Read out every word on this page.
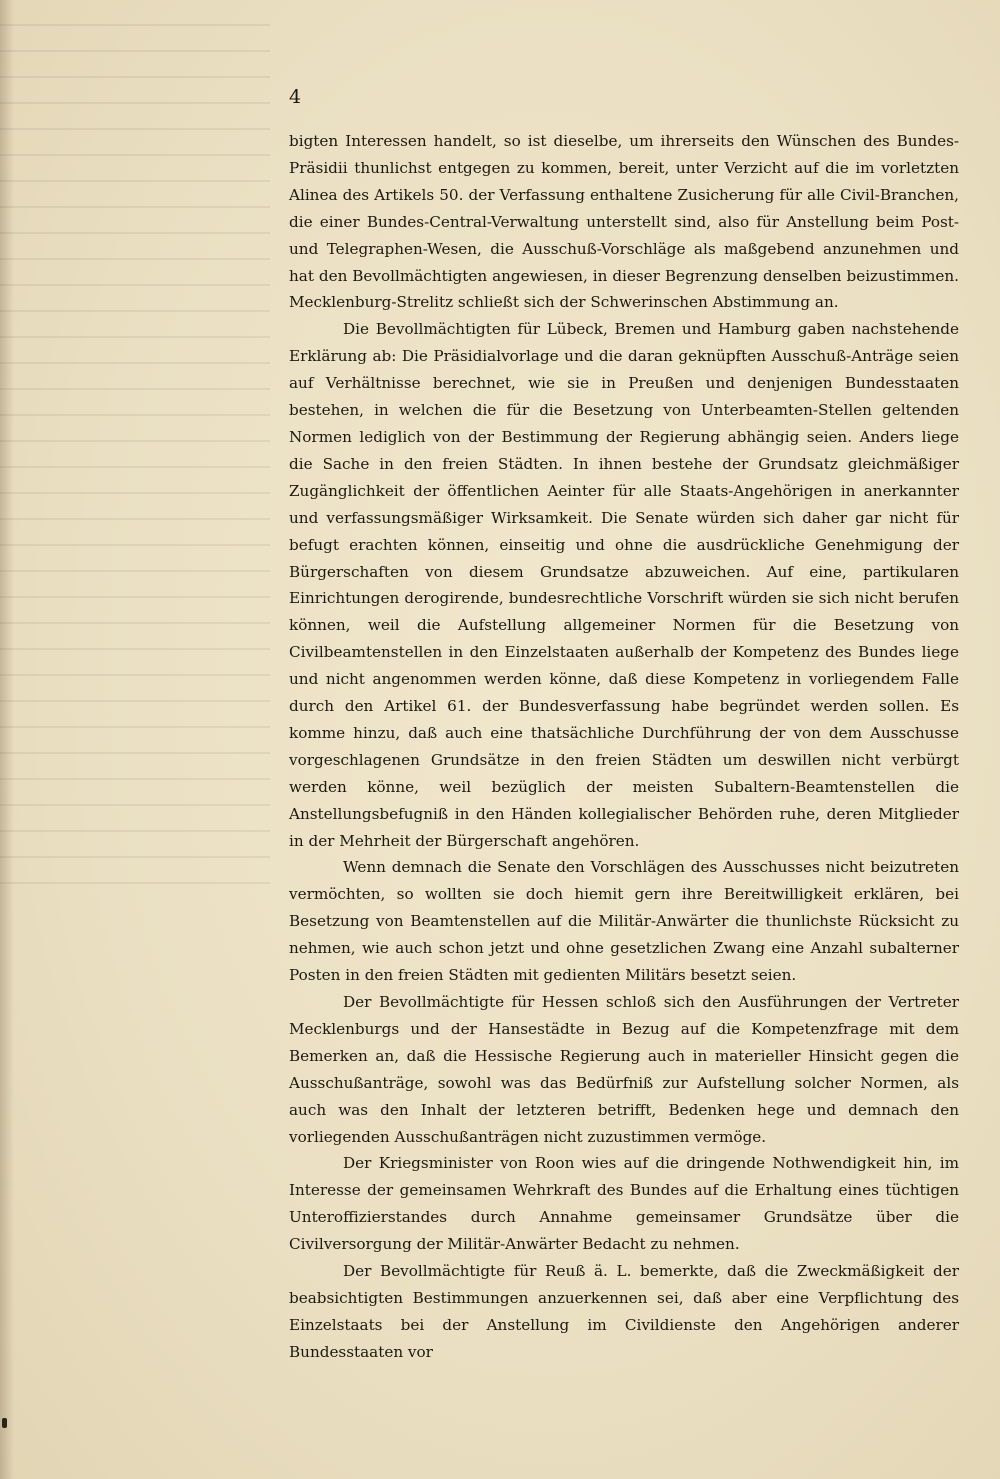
4

bigten Interessen handelt, so ist dieselbe, um ihrerseits den Wünschen des Bundes-Präsidii thunlichst entgegen zu kommen, bereit, unter Verzicht auf die im vorletzten Alinea des Artikels 50. der Verfassung enthaltene Zusicherung für alle Civil-Branchen, die einer Bundes-Central-Verwaltung unterstellt sind, also für Anstellung beim Post- und Telegraphen-Wesen, die Ausschuß-Vorschläge als maßgebend anzunehmen und hat den Bevollmächtigten angewiesen, in dieser Begrenzung denselben beizustimmen. Mecklenburg-Strelitz schließt sich der Schwerinschen Abstimmung an.

Die Bevollmächtigten für Lübeck, Bremen und Hamburg gaben nachstehende Erklärung ab: Die Präsidialvorlage und die daran geknüpften Ausschuß-Anträge seien auf Verhältnisse berechnet, wie sie in Preußen und denjenigen Bundesstaaten bestehen, in welchen die für die Besetzung von Unterbeamten-Stellen geltenden Normen lediglich von der Bestimmung der Regierung abhängig seien. Anders liege die Sache in den freien Städten. In ihnen bestehe der Grundsatz gleichmäßiger Zugänglichkeit der öffentlichen Aeinter für alle Staats-Angehörigen in anerkannter und verfassungsmäßiger Wirksamkeit. Die Senate würden sich daher gar nicht für befugt erachten können, einseitig und ohne die ausdrückliche Genehmigung der Bürgerschaften von diesem Grundsatze abzuweichen. Auf eine, partikularen Einrichtungen derogirende, bundesrechtliche Vorschrift würden sie sich nicht berufen können, weil die Aufstellung allgemeiner Normen für die Besetzung von Civilbeamtenstellen in den Einzelstaaten außerhalb der Kompetenz des Bundes liege und nicht angenommen werden könne, daß diese Kompetenz in vorliegendem Falle durch den Artikel 61. der Bundesverfassung habe begründet werden sollen. Es komme hinzu, daß auch eine thatsächliche Durchführung der von dem Ausschusse vorgeschlagenen Grundsätze in den freien Städten um deswillen nicht verbürgt werden könne, weil bezüglich der meisten Subaltern-Beamtenstellen die Anstellungsbefugniß in den Händen kollegialischer Behörden ruhe, deren Mitglieder in der Mehrheit der Bürgerschaft angehören.

Wenn demnach die Senate den Vorschlägen des Ausschusses nicht beizutreten vermöchten, so wollten sie doch hiemit gern ihre Bereitwilligkeit erklären, bei Besetzung von Beamtenstellen auf die Militär-Anwärter die thunlichste Rücksicht zu nehmen, wie auch schon jetzt und ohne gesetzlichen Zwang eine Anzahl subalterner Posten in den freien Städten mit gedienten Militärs besetzt seien.

Der Bevollmächtigte für Hessen schloß sich den Ausführungen der Vertreter Mecklenburgs und der Hansestädte in Bezug auf die Kompetenzfrage mit dem Bemerken an, daß die Hessische Regierung auch in materieller Hinsicht gegen die Ausschußanträge, sowohl was das Bedürfniß zur Aufstellung solcher Normen, als auch was den Inhalt der letzteren betrifft, Bedenken hege und demnach den vorliegenden Ausschußanträgen nicht zuzustimmen vermöge.

Der Kriegsminister von Roon wies auf die dringende Nothwendigkeit hin, im Interesse der gemeinsamen Wehrkraft des Bundes auf die Erhaltung eines tüchtigen Unteroffizierstandes durch Annahme gemeinsamer Grundsätze über die Civilversorgung der Militär-Anwärter Bedacht zu nehmen.

Der Bevollmächtigte für Reuß ä. L. bemerkte, daß die Zweckmäßigkeit der beabsichtigten Bestimmungen anzuerkennen sei, daß aber eine Verpflichtung des Einzelstaats bei der Anstellung im Civildienste den Angehörigen anderer Bundesstaaten vor
